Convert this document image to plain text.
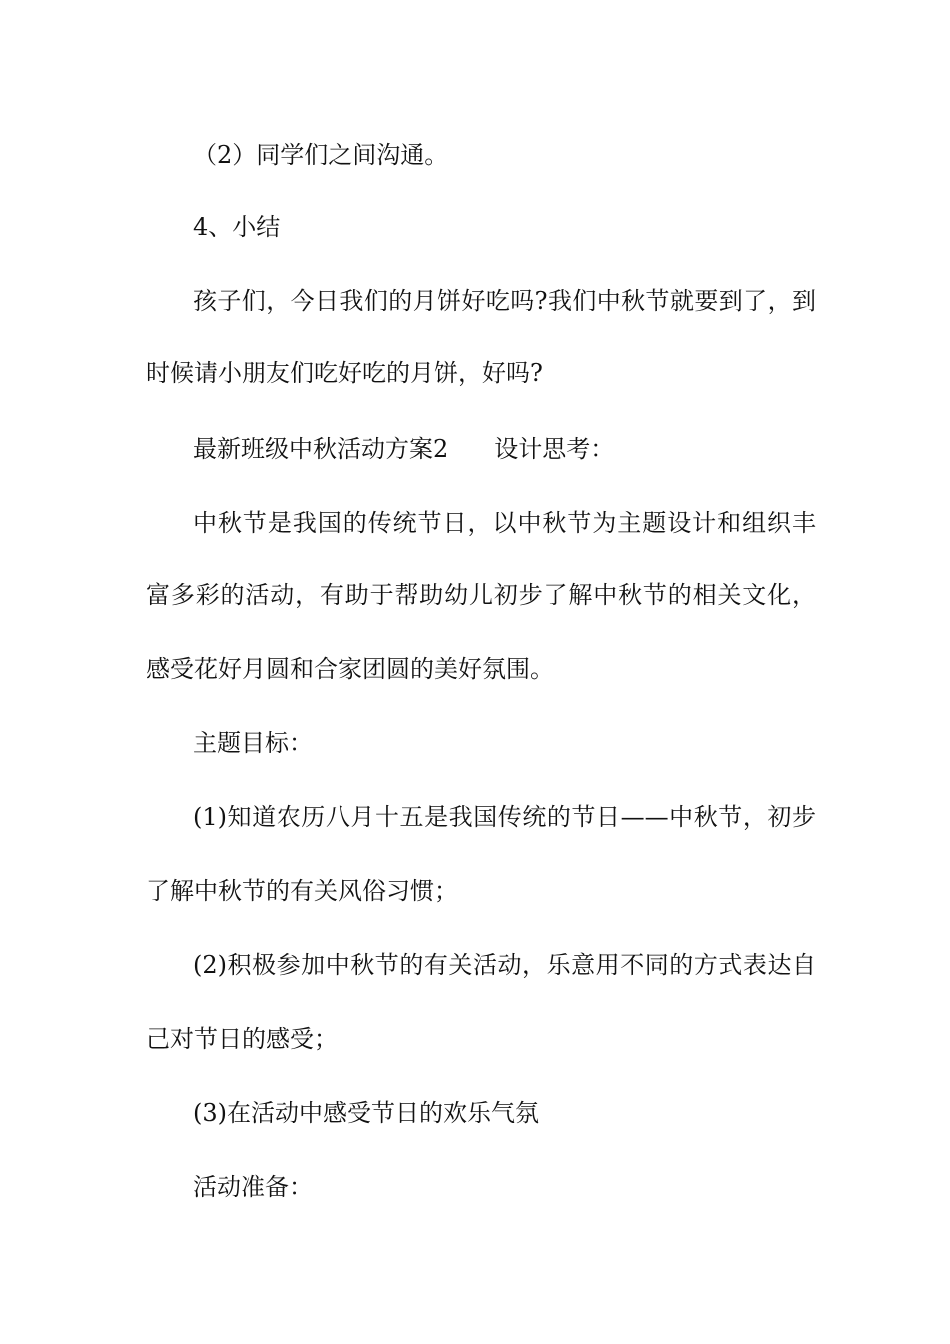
（2）同学们之间沟通。
4、小结
孩子们，今日我们的月饼好吃吗?我们中秋节就要到了，到
时候请小朋友们吃好吃的月饼，好吗?
最新班级中秋活动方案2 设计思考：
中秋节是我国的传统节日，以中秋节为主题设计和组织丰
富多彩的活动，有助于帮助幼儿初步了解中秋节的相关文化，
感受花好月圆和合家团圆的美好氛围。
主题目标：
(1)知道农历八月十五是我国传统的节日——中秋节，初步
了解中秋节的有关风俗习惯；
(2)积极参加中秋节的有关活动，乐意用不同的方式表达自
己对节日的感受；
(3)在活动中感受节日的欢乐气氛
活动准备：
